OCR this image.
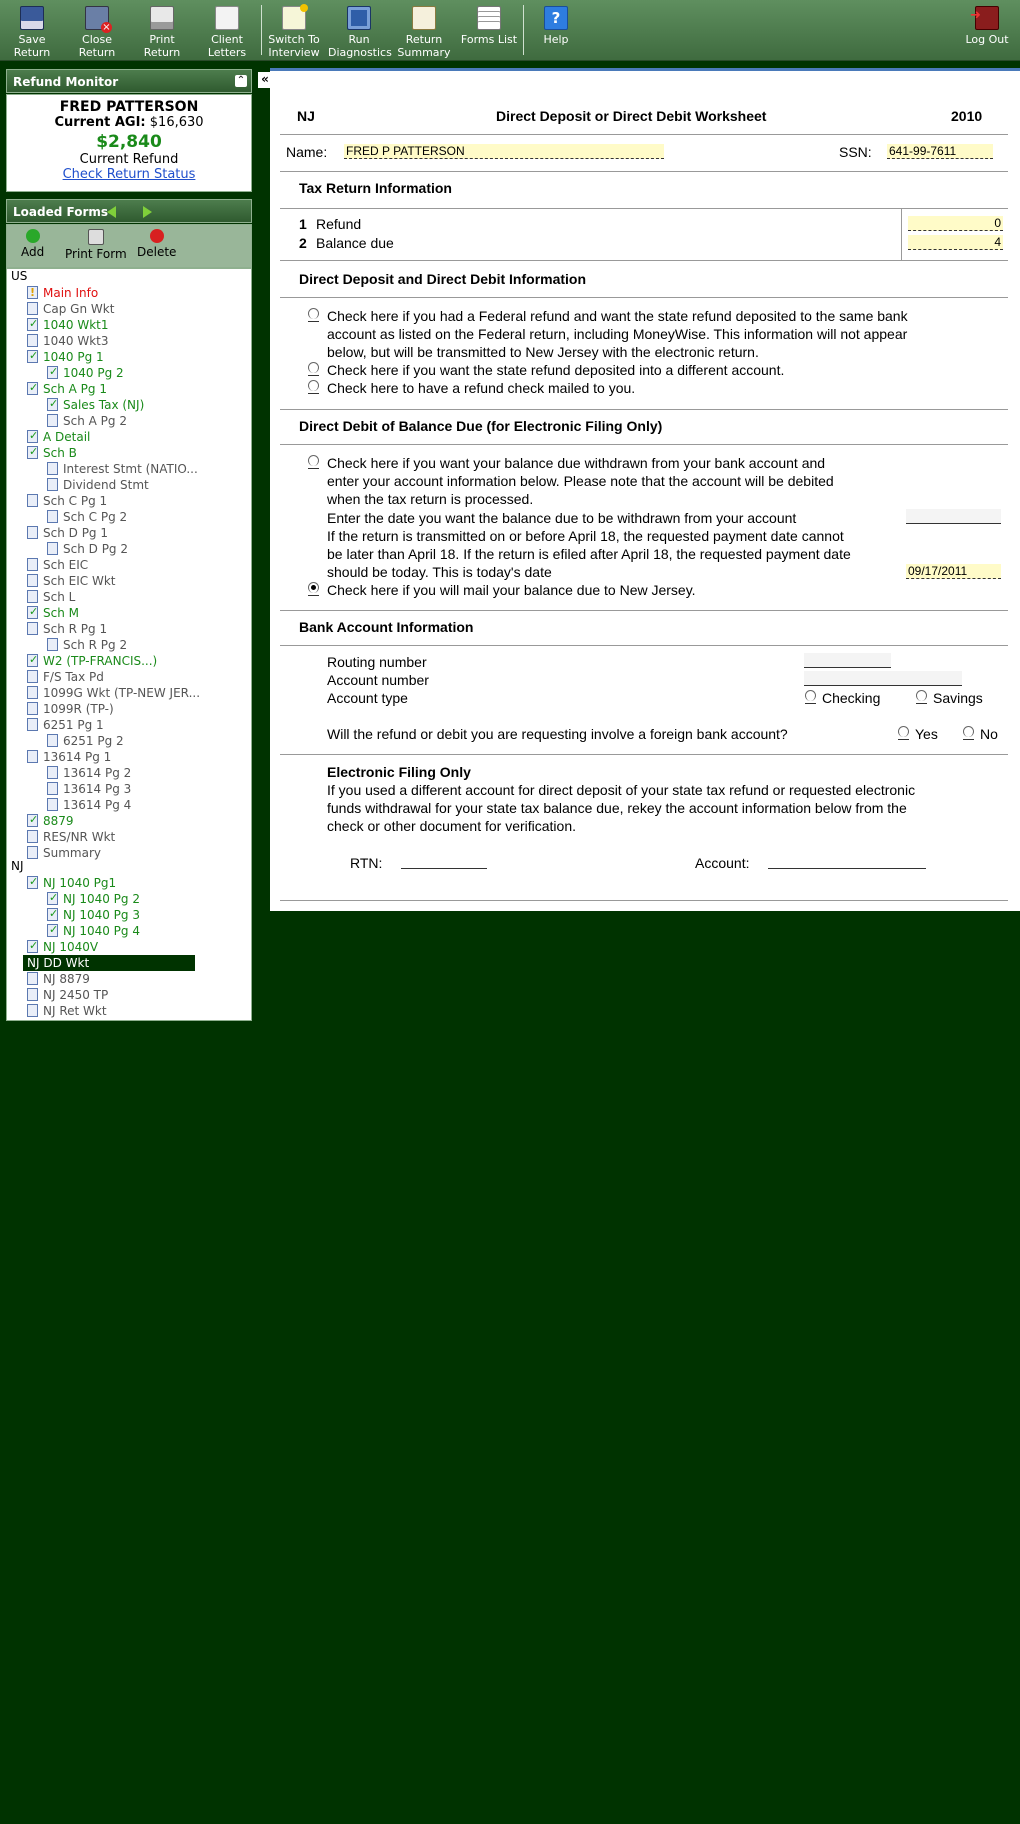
Save
Return
×
Close
Return
Print
Return
Client
Letters
Switch To
Interview
Run
Diagnostics
Return
Summary
Forms List
?
Help
➜	Log Out
Refund Monitor	⌃
FRED PATTERSON
Current AGI: $16,630
$2,840
Current Refund
Check Return Status
Loaded Forms
Add Print Form Delete
US
NJ
!Main Info
Cap Gn Wkt
✓1040 Wkt1
1040 Wkt3
✓1040 Pg 1
✓1040 Pg 2
✓Sch A Pg 1
✓Sales Tax (NJ)
Sch A Pg 2
✓A Detail
✓Sch B
Interest Stmt (NATIO...
Dividend Stmt
Sch C Pg 1
Sch C Pg 2
Sch D Pg 1
Sch D Pg 2
Sch EIC
Sch EIC Wkt
Sch L
✓Sch M
Sch R Pg 1
Sch R Pg 2
✓W2 (TP-FRANCIS...)
F/S Tax Pd
1099G Wkt (TP-NEW JER...
1099R (TP-)
6251 Pg 1
6251 Pg 2
13614 Pg 1
13614 Pg 2
13614 Pg 3
13614 Pg 4
✓8879
RES/NR Wkt
Summary
✓NJ 1040 Pg1
✓NJ 1040 Pg 2
✓NJ 1040 Pg 3
✓NJ 1040 Pg 4
✓NJ 1040V
NJ DD Wkt
NJ 8879
NJ 2450 TP
NJ Ret Wkt
«
NJ	Direct Deposit or Direct Debit Worksheet	2010
Name: FRED P PATTERSON	SSN: 641-99-7611
Tax Return Information
1 Refund	0
2 Balance due	4
Direct Deposit and Direct Debit Information
Check here if you had a Federal refund and want the state refund deposited to the same bank
account as listed on the Federal return, including MoneyWise. This information will not appear
below, but will be transmitted to New Jersey with the electronic return.
Check here if you want the state refund deposited into a different account.
Check here to have a refund check mailed to you.
Direct Debit of Balance Due (for Electronic Filing Only)
Check here if you want your balance due withdrawn from your bank account and
enter your account information below. Please note that the account will be debited
when the tax return is processed.
Enter the date you want the balance due to be withdrawn from your account
If the return is transmitted on or before April 18, the requested payment date cannot
be later than April 18. If the return is efiled after April 18, the requested payment date
should be today. This is today's date	09/17/2011
Check here if you will mail your balance due to New Jersey.
Bank Account Information
Routing number
Account number
Account type	Checking	Savings
Will the refund or debit you are requesting involve a foreign bank account?	Yes	No
Electronic Filing Only
If you used a different account for direct deposit of your state tax refund or requested electronic
funds withdrawal for your state tax balance due, rekey the account information below from the
check or other document for verification.
RTN:	Account:
